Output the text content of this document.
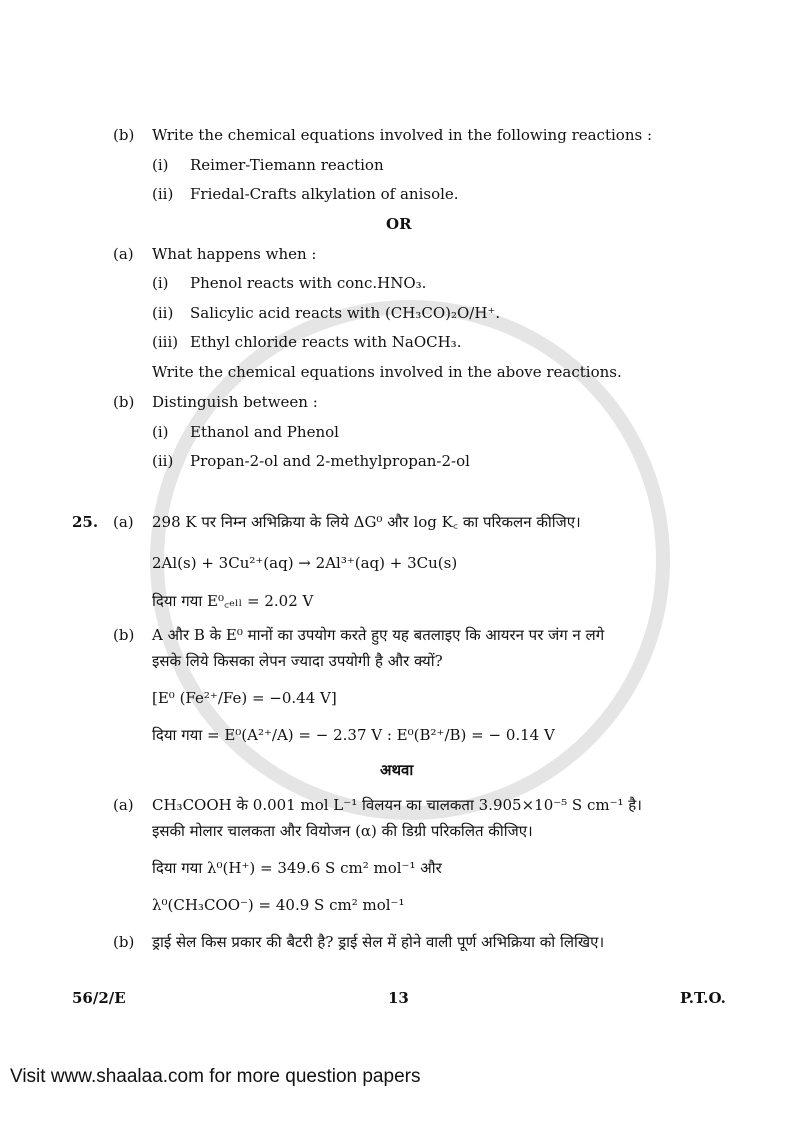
(b) Write the chemical equations involved in the following reactions :
(i) Reimer-Tiemann reaction
(ii) Friedal-Crafts alkylation of anisole.
OR
(a) What happens when :
(i) Phenol reacts with conc.HNO₃.
(ii) Salicylic acid reacts with (CH₃CO)₂O/H⁺.
(iii) Ethyl chloride reacts with NaOCH₃.
Write the chemical equations involved in the above reactions.
(b) Distinguish between :
(i) Ethanol and Phenol
(ii) Propan-2-ol and 2-methylpropan-2-ol
25. (a) 298 K पर निम्न अभिक्रिया के लिये ΔG⁰ और log K꜀ का परिकलन कीजिए।
2Al(s) + 3Cu²⁺(aq) → 2Al³⁺(aq) + 3Cu(s)
दिया गया E⁰꜀ₑₗₗ = 2.02 V
(b) A और B के E⁰ मानों का उपयोग करते हुए यह बतलाइए कि आयरन पर जंग न लगे
इसके लिये किसका लेपन ज्यादा उपयोगी है और क्यों?
[E⁰ (Fe²⁺/Fe) = −0.44 V]
दिया गया = E⁰(A²⁺/A) = − 2.37 V : E⁰(B²⁺/B) = − 0.14 V
अथवा
(a) CH₃COOH के 0.001 mol L⁻¹ विलयन का चालकता 3.905×10⁻⁵ S cm⁻¹ है।
इसकी मोलार चालकता और वियोजन (α) की डिग्री परिकलित कीजिए।
दिया गया λ⁰(H⁺) = 349.6 S cm² mol⁻¹ और
λ⁰(CH₃COO⁻) = 40.9 S cm² mol⁻¹
(b) ड्राई सेल किस प्रकार की बैटरी है? ड्राई सेल में होने वाली पूर्ण अभिक्रिया को लिखिए।
56/2/E	13	P.T.O.
Visit www.shaalaa.com for more question papers
